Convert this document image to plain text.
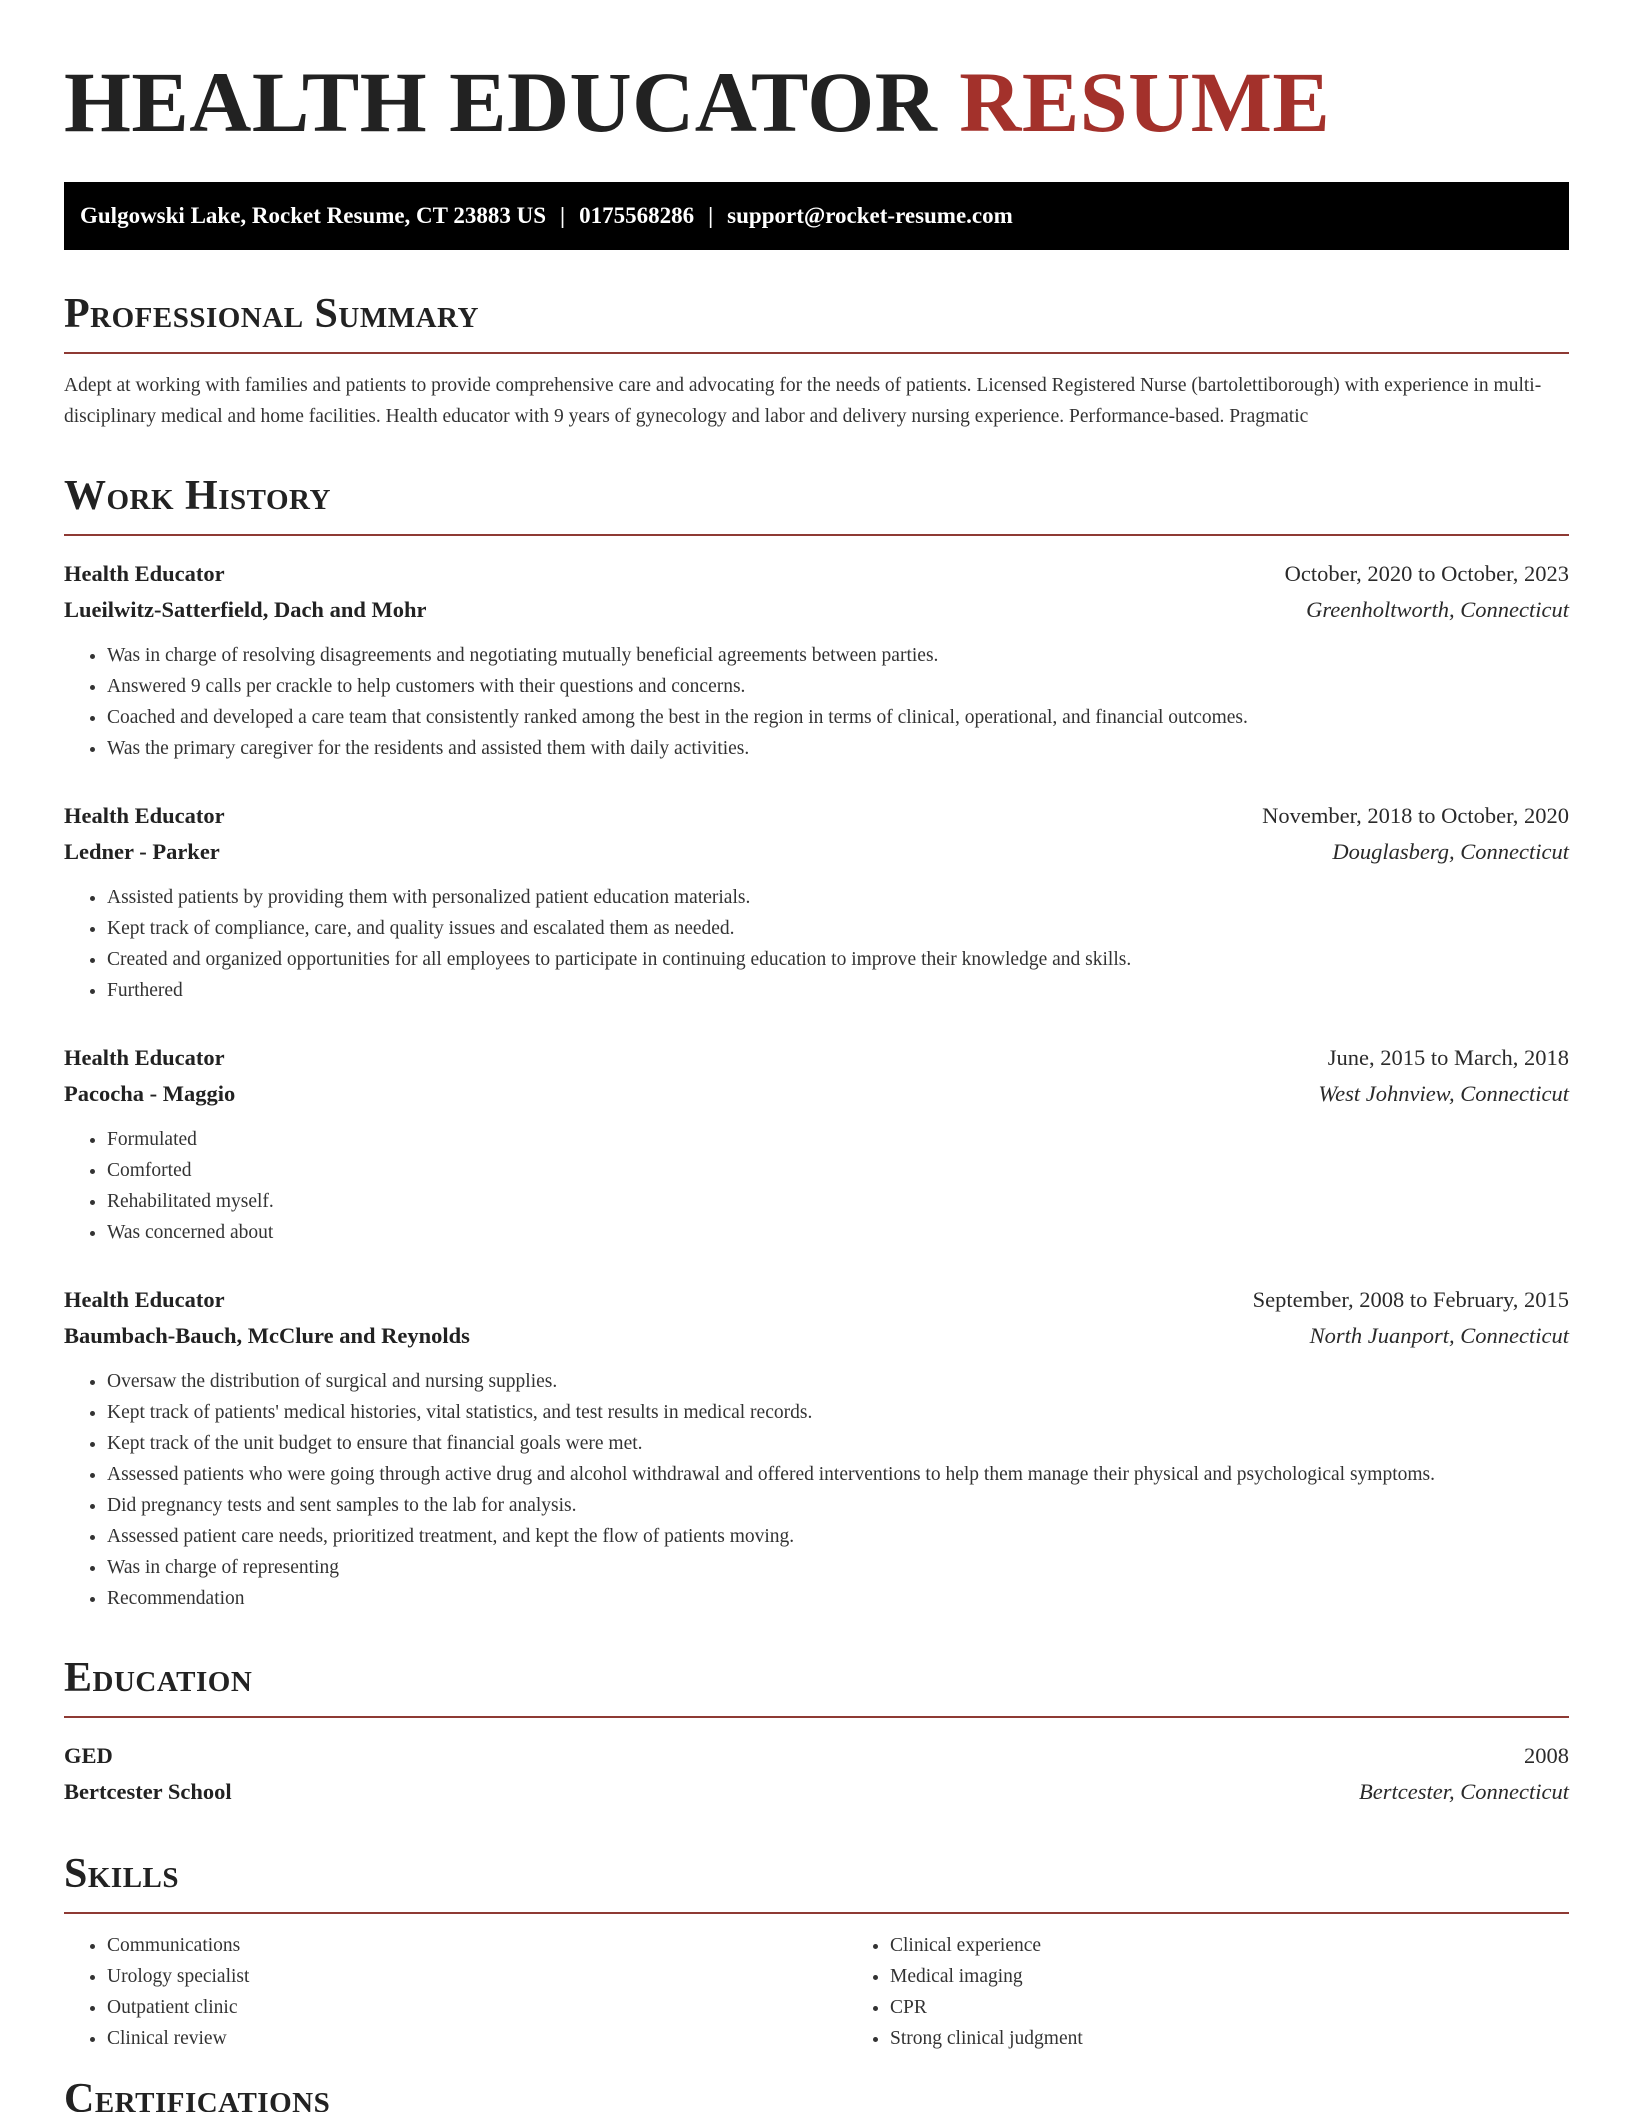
HEALTH EDUCATOR RESUME
Gulgowski Lake, Rocket Resume, CT 23883 US | 0175568286 | support@rocket-resume.com
Professional Summary

Adept at working with families and patients to provide comprehensive care and advocating for the needs of patients. Licensed Registered Nurse (bartolettiborough) with experience in multi-disciplinary medical and home facilities. Health educator with 9 years of gynecology and labor and delivery nursing experience. Performance-based. Pragmatic

Work History
Health Educator	October, 2020 to October, 2023
Lueilwitz-Satterfield, Dach and Mohr	Greenholtworth, Connecticut
• Was in charge of resolving disagreements and negotiating mutually beneficial agreements between parties.
• Answered 9 calls per crackle to help customers with their questions and concerns.
• Coached and developed a care team that consistently ranked among the best in the region in terms of clinical, operational, and financial outcomes.
• Was the primary caregiver for the residents and assisted them with daily activities.
Health Educator	November, 2018 to October, 2020
Ledner - Parker	Douglasberg, Connecticut
• Assisted patients by providing them with personalized patient education materials.
• Kept track of compliance, care, and quality issues and escalated them as needed.
• Created and organized opportunities for all employees to participate in continuing education to improve their knowledge and skills.
• Furthered
Health Educator	June, 2015 to March, 2018
Pacocha - Maggio	West Johnview, Connecticut
• Formulated
• Comforted
• Rehabilitated myself.
• Was concerned about
Health Educator	September, 2008 to February, 2015
Baumbach-Bauch, McClure and Reynolds	North Juanport, Connecticut
• Oversaw the distribution of surgical and nursing supplies.
• Kept track of patients' medical histories, vital statistics, and test results in medical records.
• Kept track of the unit budget to ensure that financial goals were met.
• Assessed patients who were going through active drug and alcohol withdrawal and offered interventions to help them manage their physical and psychological symptoms.
• Did pregnancy tests and sent samples to the lab for analysis.
• Assessed patient care needs, prioritized treatment, and kept the flow of patients moving.
• Was in charge of representing
• Recommendation
Education
GED	2008
Bertcester School	Bertcester, Connecticut
Skills
• Communications
• Urology specialist
• Outpatient clinic
• Clinical review
• Clinical experience
• Medical imaging
• CPR
• Strong clinical judgment
Certifications
